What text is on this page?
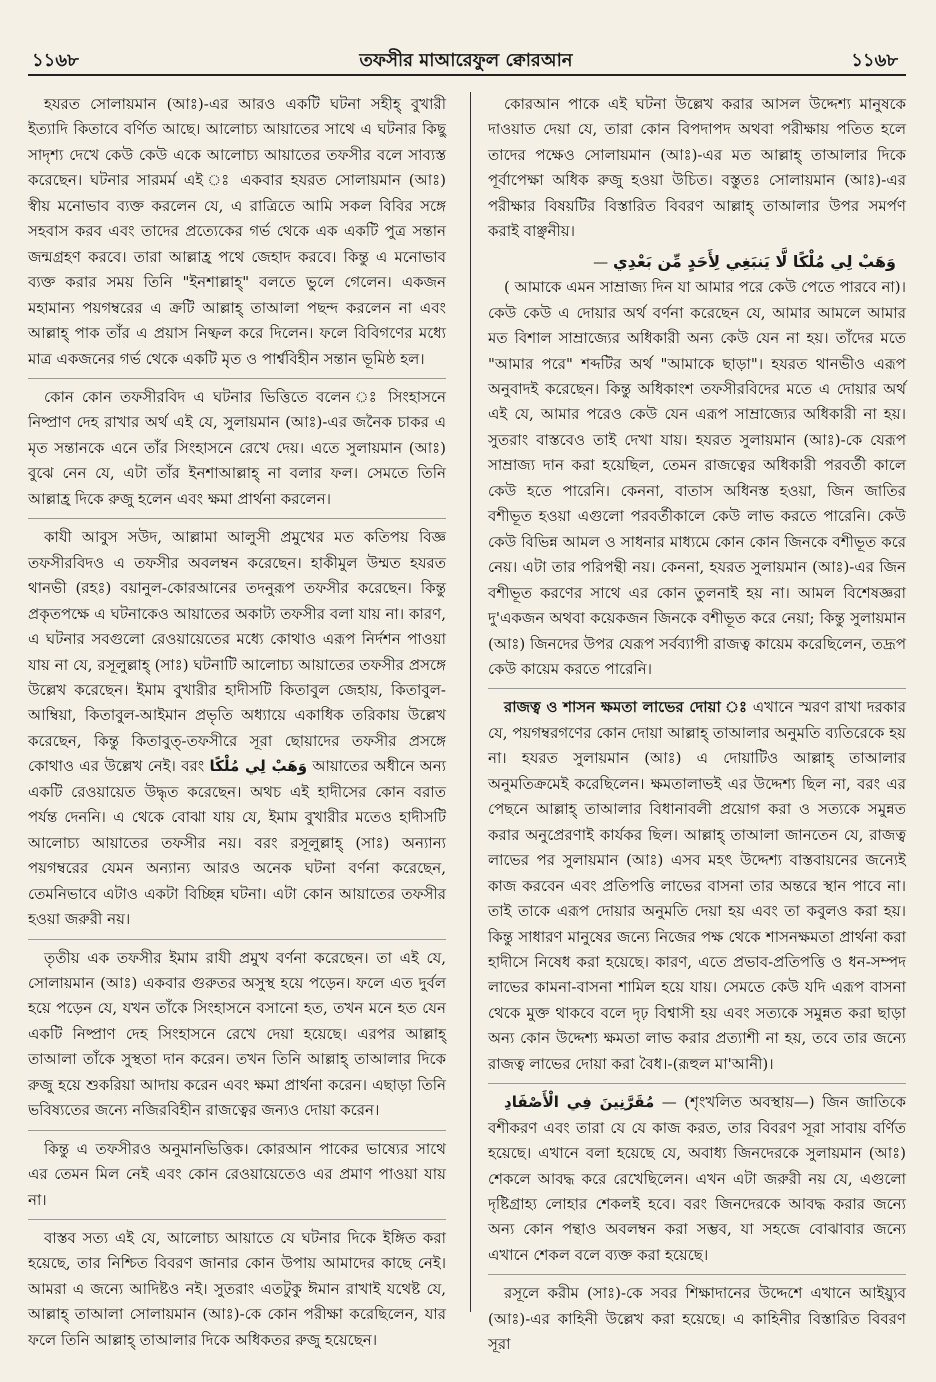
১১৬৮	তফসীর মাআরেফুল ক্বোরআন	১১৬৮

হযরত সোলায়মান (আঃ)-এর আরও একটি ঘটনা সহীহ্ বুখারী ইত্যাদি কিতাবে বর্ণিত আছে। আলোচ্য আয়াতের সাথে এ ঘটনার কিছু সাদৃশ্য দেখে কেউ কেউ একে আলোচ্য আয়াতের তফসীর বলে সাব্যস্ত করেছেন। ঘটনার সারমর্ম এই ঃ একবার হযরত সোলায়মান (আঃ) স্বীয় মনোভাব ব্যক্ত করলেন যে, এ রাত্রিতে আমি সকল বিবির সঙ্গে সহবাস করব এবং তাদের প্রত্যেকের গর্ভ থেকে এক একটি পুত্র সন্তান জন্মগ্রহণ করবে। তারা আল্লাহ্র পথে জেহাদ করবে। কিন্তু এ মনোভাব ব্যক্ত করার সময় তিনি "ইনশাল্লাহ্" বলতে ভুলে গেলেন। একজন মহামান্য পয়গম্বরের এ ক্রটি আল্লাহ্ তাআলা পছন্দ করলেন না এবং আল্লাহ্ পাক তাঁর এ প্রয়াস নিষ্ফল করে দিলেন। ফলে বিবিগণের মধ্যে মাত্র একজনের গর্ভ থেকে একটি মৃত ও পার্শ্ববিহীন সন্তান ভূমিষ্ঠ হল।

কোন কোন তফসীরবিদ এ ঘটনার ভিত্তিতে বলেন ঃ সিংহাসনে নিষ্প্রাণ দেহ রাখার অর্থ এই যে, সুলায়মান (আঃ)-এর জনৈক চাকর এ মৃত সন্তানকে এনে তাঁর সিংহাসনে রেখে দেয়। এতে সুলায়মান (আঃ) বুঝে নেন যে, এটা তাঁর ইনশাআল্লাহ্ না বলার ফল। সেমতে তিনি আল্লাহ্র দিকে রুজু হলেন এবং ক্ষমা প্রার্থনা করলেন।

কাযী আবুস সউদ, আল্লামা আলুসী প্রমুখের মত কতিপয় বিজ্ঞ তফসীরবিদও এ তফসীর অবলম্বন করেছেন। হাকীমুল উম্মত হযরত থানভী (রহঃ) বয়ানুল-কোরআনের তদনুরূপ তফসীর করেছেন। কিন্তু প্রকৃতপক্ষে এ ঘটনাকেও আয়াতের অকাট্য তফসীর বলা যায় না। কারণ, এ ঘটনার সবগুলো রেওয়ায়েতের মধ্যে কোথাও এরূপ নির্দশন পাওয়া যায় না যে, রসূলুল্লাহ্ (সাঃ) ঘটনাটি আলোচ্য আয়াতের তফসীর প্রসঙ্গে উল্লেখ করেছেন। ইমাম বুখারীর হাদীসটি কিতাবুল জেহায়, কিতাবুল-আম্বিয়া, কিতাবুল-আইমান প্রভৃতি অধ্যায়ে একাধিক তরিকায় উল্লেখ করেছেন, কিন্তু কিতাবুত্-তফসীরে সূরা ছোয়াদের তফসীর প্রসঙ্গে কোথাও এর উল্লেখ নেই। বরং وَهَبْ لِي مُلْكًا আয়াতের অধীনে অন্য একটি রেওয়ায়েত উদ্ধৃত করেছেন। অথচ এই হাদীসের কোন বরাত পর্যন্ত দেননি। এ থেকে বোঝা যায় যে, ইমাম বুখারীর মতেও হাদীসটি আলোচ্য আয়াতের তফসীর নয়। বরং রসূলুল্লাহ্ (সাঃ) অন্যান্য পয়গম্বরের যেমন অন্যান্য আরও অনেক ঘটনা বর্ণনা করেছেন, তেমনিভাবে এটাও একটা বিচ্ছিন্ন ঘটনা। এটা কোন আয়াতের তফসীর হওয়া জরুরী নয়।

তৃতীয় এক তফসীর ইমাম রাযী প্রমুখ বর্ণনা করেছেন। তা এই যে, সোলায়মান (আঃ) একবার গুরুতর অসুস্থ হয়ে পড়েন। ফলে এত দুর্বল হয়ে পড়েন যে, যখন তাঁকে সিংহাসনে বসানো হত, তখন মনে হত যেন একটি নিষ্প্রাণ দেহ সিংহাসনে রেখে দেয়া হয়েছে। এরপর আল্লাহ্ তাআলা তাঁকে সুস্থতা দান করেন। তখন তিনি আল্লাহ্ তাআলার দিকে রুজু হয়ে শুকরিয়া আদায় করেন এবং ক্ষমা প্রার্থনা করেন। এছাড়া তিনি ভবিষ্যতের জন্যে নজিরবিহীন রাজত্বের জন্যও দোয়া করেন।

কিন্তু এ তফসীরও অনুমানভিত্তিক। কোরআন পাকের ভাষ্যের সাথে এর তেমন মিল নেই এবং কোন রেওয়ায়েতেও এর প্রমাণ পাওয়া যায় না।

বাস্তব সত্য এই যে, আলোচ্য আয়াতে যে ঘটনার দিকে ইঙ্গিত করা হয়েছে, তার নিশ্চিত বিবরণ জানার কোন উপায় আমাদের কাছে নেই। আমরা এ জন্যে আদিষ্টও নই। সুতরাং এতটুকু ঈমান রাখাই যথেষ্ট যে, আল্লাহ্ তাআলা সোলায়মান (আঃ)-কে কোন পরীক্ষা করেছিলেন, যার ফলে তিনি আল্লাহ্ তাআলার দিকে অধিকতর রুজু হয়েছেন।

কোরআন পাকে এই ঘটনা উল্লেখ করার আসল উদ্দেশ্য মানুষকে দাওয়াত দেয়া যে, তারা কোন বিপদাপদ অথবা পরীক্ষায় পতিত হলে তাদের পক্ষেও সোলায়মান (আঃ)-এর মত আল্লাহ্ তাআলার দিকে পূর্বাপেক্ষা অধিক রুজু হওয়া উচিত। বস্তুতঃ সোলায়মান (আঃ)-এর পরীক্ষার বিষয়টির বিস্তারিত বিবরণ আল্লাহ্ তাআলার উপর সমর্পণ করাই বাঞ্ছনীয়।

وَهَبْ لِي مُلْكًا لَّا يَنبَغِي لِأَحَدٍ مِّن بَعْدِي —

( আমাকে এমন সাম্রাজ্য দিন যা আমার পরে কেউ পেতে পারবে না)। কেউ কেউ এ দোয়ার অর্থ বর্ণনা করেছেন যে, আমার আমলে আমার মত বিশাল সাম্রাজ্যের অধিকারী অন্য কেউ যেন না হয়। তাঁদের মতে "আমার পরে" শব্দটির অর্থ "আমাকে ছাড়া"। হযরত থানভীও এরূপ অনুবাদই করেছেন। কিন্তু অধিকাংশ তফসীরবিদের মতে এ দোয়ার অর্থ এই যে, আমার পরেও কেউ যেন এরূপ সাম্রাজ্যের অধিকারী না হয়। সুতরাং বাস্তবেও তাই দেখা যায়। হযরত সুলায়মান (আঃ)-কে যেরূপ সাম্রাজ্য দান করা হয়েছিল, তেমন রাজত্বের অধিকারী পরবর্তী কালে কেউ হতে পারেনি। কেননা, বাতাস অধিনস্ত হওয়া, জিন জাতির বশীভূত হওয়া এগুলো পরবর্তীকালে কেউ লাভ করতে পারেনি। কেউ কেউ বিভিন্ন আমল ও সাধনার মাধ্যমে কোন কোন জিনকে বশীভূত করে নেয়। এটা তার পরিপন্থী নয়। কেননা, হযরত সুলায়মান (আঃ)-এর জিন বশীভূত করণের সাথে এর কোন তুলনাই হয় না। আমল বিশেষজ্ঞরা দু'একজন অথবা কয়েকজন জিনকে বশীভূত করে নেয়া; কিন্তু সুলায়মান (আঃ) জিনদের উপর যেরূপ সর্বব্যাপী রাজত্ব কায়েম করেছিলেন, তদ্রূপ কেউ কায়েম করতে পারেনি।

রাজত্ব ও শাসন ক্ষমতা লাভের দোয়া ঃ এখানে স্মরণ রাখা দরকার যে, পয়গম্বরগণের কোন দোয়া আল্লাহ্ তাআলার অনুমতি ব্যতিরেকে হয় না। হযরত সুলায়মান (আঃ) এ দোয়াটিও আল্লাহ্ তাআলার অনুমতিক্রমেই করেছিলেন। ক্ষমতালাভই এর উদ্দেশ্য ছিল না, বরং এর পেছনে আল্লাহ্ তাআলার বিধানাবলী প্রয়োগ করা ও সত্যকে সমুন্নত করার অনুপ্রেরণাই কার্যকর ছিল। আল্লাহ্ তাআলা জানতেন যে, রাজত্ব লাভের পর সুলায়মান (আঃ) এসব মহৎ উদ্দেশ্য বাস্তবায়নের জন্যেই কাজ করবেন এবং প্রতিপত্তি লাভের বাসনা তার অন্তরে স্থান পাবে না। তাই তাকে এরূপ দোয়ার অনুমতি দেয়া হয় এবং তা কবুলও করা হয়। কিন্তু সাধারণ মানুষের জন্যে নিজের পক্ষ থেকে শাসনক্ষমতা প্রার্থনা করা হাদীসে নিষেধ করা হয়েছে। কারণ, এতে প্রভাব-প্রতিপত্তি ও ধন-সম্পদ লাভের কামনা-বাসনা শামিল হয়ে যায়। সেমতে কেউ যদি এরূপ বাসনা থেকে মুক্ত থাকবে বলে দৃঢ় বিশ্বাসী হয় এবং সত্যকে সমুন্নত করা ছাড়া অন্য কোন উদ্দেশ্য ক্ষমতা লাভ করার প্রত্যাশী না হয়, তবে তার জন্যে রাজত্ব লাভের দোয়া করা বৈধ।-(রূহুল মা'আনী)।

مُقَرَّنِينَ فِي الْأَصْفَادِ — (শৃংখলিত অবস্থায়—) জিন জাতিকে বশীকরণ এবং তারা যে যে কাজ করত, তার বিবরণ সূরা সাবায় বর্ণিত হয়েছে। এখানে বলা হয়েছে যে, অবাধ্য জিনদেরকে সুলায়মান (আঃ) শেকলে আবদ্ধ করে রেখেছিলেন। এখন এটা জরুরী নয় যে, এগুলো দৃষ্টিগ্রাহ্য লোহার শেকলই হবে। বরং জিনদেরকে আবদ্ধ করার জন্যে অন্য কোন পন্থাও অবলম্বন করা সম্ভব, যা সহজে বোঝাবার জন্যে এখানে শেকল বলে ব্যক্ত করা হয়েছে।

রসূলে করীম (সাঃ)-কে সবর শিক্ষাদানের উদ্দেশে এখানে আইয়্যুব (আঃ)-এর কাহিনী উল্লেখ করা হয়েছে। এ কাহিনীর বিস্তারিত বিবরণ সূরা
